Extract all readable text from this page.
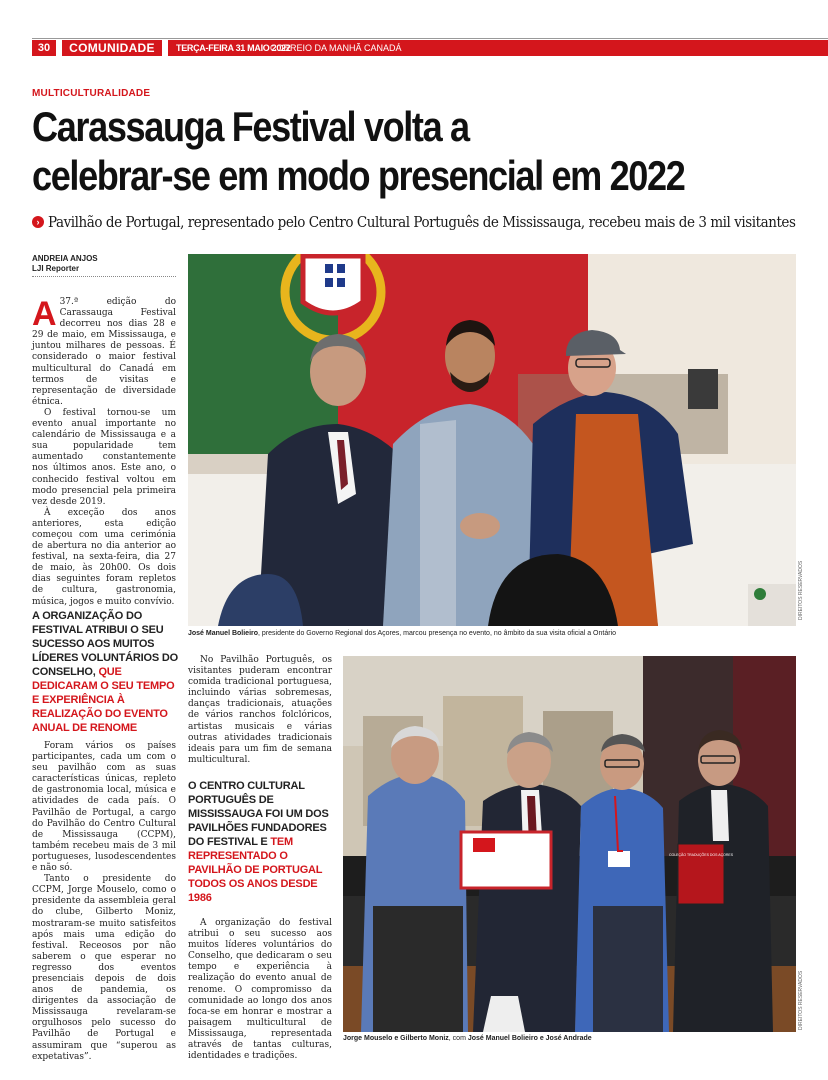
30	COMUNIDADE	TERÇA-FEIRA 31 MAIO 2022
CORREIO DA MANHÃ CANADÁ
MULTICULTURALIDADE
Carassauga Festival volta a
celebrar-se em modo presencial em 2022
› Pavilhão de Portugal, representado pelo Centro Cultural Português de Mississauga, recebeu mais de 3 mil visitantes
ANDREIA ANJOS
LJI Reporter

A 37.ª edição do Carassauga Festival decorreu nos dias 28 e 29 de maio, em Mississauga, e juntou milhares de pessoas. É considerado o maior festival multicultural do Canadá em termos de visitas e representação de diversidade étnica.

O festival tornou-se um evento anual importante no calendário de Mississauga e a sua popularidade tem aumentado constantemente nos últimos anos. Este ano, o conhecido festival voltou em modo presencial pela primeira vez desde 2019.

À exceção dos anos anteriores, esta edição começou com uma cerimónia de abertura no dia anterior ao festival, na sexta-feira, dia 27 de maio, às 20h00. Os dois dias seguintes foram repletos de cultura, gastronomia, música, jogos e muito convívio.

A ORGANIZAÇÃO DO FESTIVAL ATRIBUI O SEU SUCESSO AOS MUITOS LÍDERES VOLUNTÁRIOS DO CONSELHO, QUE DEDICARAM O SEU TEMPO E EXPERIÊNCIA À REALIZAÇÃO DO EVENTO ANUAL DE RENOME

Foram vários os países participantes, cada um com o seu pavilhão com as suas características únicas, repleto de gastronomia local, música e atividades de cada país. O Pavilhão de Portugal, a cargo do Pavilhão do Centro Cultural de Mississauga (CCPM), também recebeu mais de 3 mil portugueses, lusodescendentes e não só.

Tanto o presidente do CCPM, Jorge Mouselo, como o presidente da assembleia geral do clube, Gilberto Moniz, mostraram-se muito satisfeitos após mais uma edição do festival. Receosos por não saberem o que esperar no regresso dos eventos presenciais depois de dois anos de pandemia, os dirigentes da associação de Mississauga revelaram-se orgulhosos pelo sucesso do Pavilhão de Portugal e assumiram que “superou as expetativas”.

No Pavilhão Português, os visitantes puderam encontrar comida tradicional portuguesa, incluindo várias sobremesas, danças tradicionais, atuações de vários ranchos folclóricos, artistas musicais e várias outras atividades tradicionais ideais para um fim de semana multicultural.

O CENTRO CULTURAL PORTUGUÊS DE MISSISSAUGA FOI UM DOS PAVILHÕES FUNDADORES DO FESTIVAL E TEM REPRESENTADO O PAVILHÃO DE PORTUGAL TODOS OS ANOS DESDE 1986

A organização do festival atribui o seu sucesso aos muitos líderes voluntários do Conselho, que dedicaram o seu tempo e experiência à realização do evento anual de renome. O compromisso da comunidade ao longo dos anos foca-se em honrar e mostrar a paisagem multicultural de Mississauga, representada através de tantas culturas, identidades e tradições.

DIREITOS RESERVADOS
José Manuel Bolieiro, presidente do Governo Regional dos Açores, marcou presença no evento, no âmbito da sua visita oficial a Ontário
COLEÇÃO TRADUÇÕES DOS AÇORES
DIREITOS RESERVADOS
Jorge Mouselo e Gilberto Moniz, com José Manuel Bolieiro e José Andrade
